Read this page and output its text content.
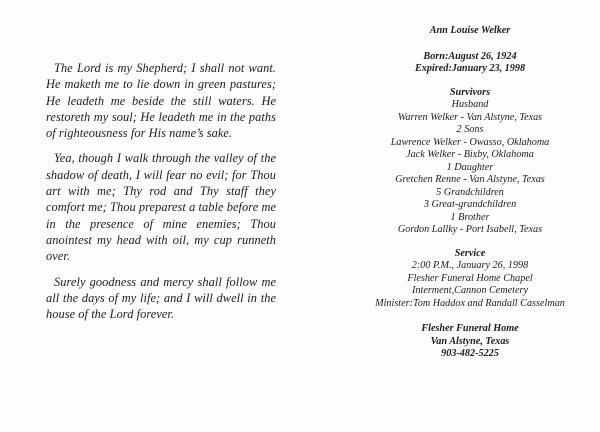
The Lord is my Shepherd; I shall not want. He maketh me to lie down in green pastures; He leadeth me beside the still waters. He restoreth my soul; He leadeth me in the paths of righteousness for His name’s sake.

Yea, though I walk through the valley of the shadow of death, I will fear no evil; for Thou art with me; Thy rod and Thy staff they comfort me; Thou preparest a table before me in the presence of mine enemies; Thou anointest my head with oil, my cup runneth over.

Surely goodness and mercy shall follow me all the days of my life; and I will dwell in the house of the Lord forever.

Ann Louise Welker
Born:August 26, 1924
Expired:January 23, 1998
Survivors
Husband
Warren Welker - Van Alstyne, Texas
2 Sons
Lawrence Welker - Owasso, Oklahoma
Jack Welker - Bixby, Oklahoma
1 Daughter
Gretchen Renne - Van Alstyne, Texas
5 Grandchildren
3 Great-grandchildren
1 Brother
Gordon Lallky - Port Isabell, Texas
Service
2:00 P.M., January 26, 1998
Flesher Funeral Home Chapel
Interment,Cannon Cemetery
Minister:Tom Haddox and Randall Casselman
Flesher Funeral Home
Van Alstyne, Texas
903-482-5225
